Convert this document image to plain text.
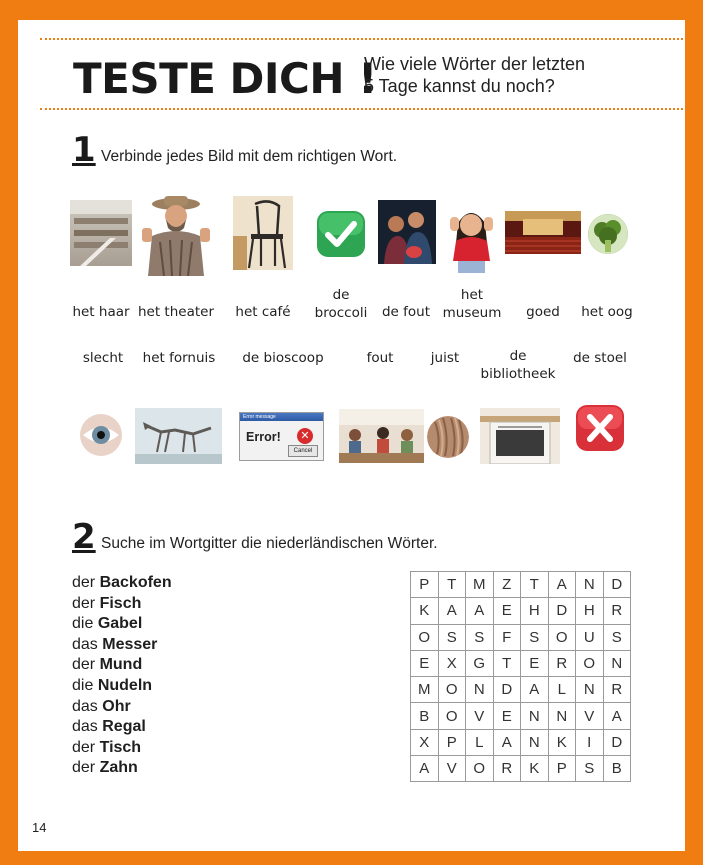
TESTE DICH !
Wie viele Wörter der letzten
5 Tage kannst du noch?
1 Verbinde jedes Bild mit dem richtigen Wort.
het haar het theater	het café
de
broccoli	de fout
het
museum	goed	het oog
slecht	het fornuis	de bioscoop	fout	juist	de
bibliotheek
de stoel
Error message
Error!	✕
Cancel
2 Suche im Wortgitter die niederländischen Wörter.
der Backofen
der Fisch
die Gabel
das Messer
der Mund
die Nudeln
das Ohr
das Regal
der Tisch
der Zahn
P	T	M	Z	T	A	N	D
K	A	A	E	H	D	H	R
O	S	S	F	S	O	U	S
E	X	G	T	E	R	O	N
M	O	N	D	A	L	N	R
B	O	V	E	N	N	V	A
X	P	L	A	N	K	I	D
A	V	O	R	K	P	S	B
14
